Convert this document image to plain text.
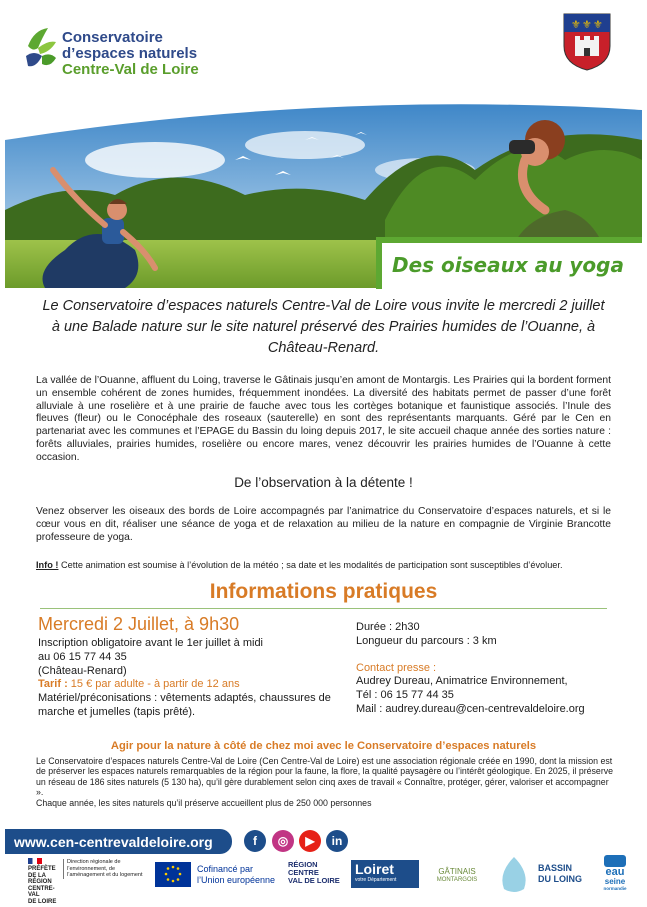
Conservatoire
d’espaces naturels
Centre-Val de Loire
⚜ ⚜ ⚜
Des oiseaux au yoga
Le Conservatoire d’espaces naturels Centre-Val de Loire vous invite le mercredi 2 juillet à une Balade nature sur le site naturel préservé des Prairies humides de l’Ouanne, à Château-Renard.
La vallée de l’Ouanne, affluent du Loing, traverse le Gâtinais jusqu’en amont de Montargis. Les Prairies qui la bordent forment un ensemble cohérent de zones humides, fréquemment inondées. La diversité des habitats permet de passer d’une forêt alluviale à une roselière et à une prairie de fauche avec tous les cortèges botanique et faunistique associés. l’Inule des fleuves (fleur) ou le Conocéphale des roseaux (sauterelle) en sont des représentants marquants. Géré par le Cen en partenariat avec les communes et l’EPAGE du Bassin du loing depuis 2017, le site accueil chaque année des sorties nature : forêts alluviales, prairies humides, roselière ou encore mares, venez découvrir les prairies humides de l’Ouanne à cette occasion.
De l’observation à la détente !
Venez observer les oiseaux des bords de Loire accompagnés par l’animatrice du Conservatoire d’espaces naturels, et si le cœur vous en dit, réaliser une séance de yoga et de relaxation au milieu de la nature en compagnie de Virginie Brancotte professeure de yoga.
Info ! Cette animation est soumise à l’évolution de la météo ; sa date et les modalités de participation sont susceptibles d’évoluer.
Informations pratiques
Mercredi 2 Juillet, à 9h30
Inscription obligatoire avant le 1er juillet à midi
au 06 15 77 44 35
(Château-Renard)
Tarif : 15 € par adulte - à partir de 12 ans
Matériel/préconisations : vêtements adaptés, chaussures de marche et jumelles (tapis prêté).
Durée : 2h30
Longueur du parcours : 3 km
Contact presse :
Audrey Dureau, Animatrice Environnement,
Tél : 06 15 77 44 35
Mail : audrey.dureau@cen-centrevaldeloire.org
Agir pour la nature à côté de chez moi avec le Conservatoire d’espaces naturels
Le Conservatoire d’espaces naturels Centre-Val de Loire (Cen Centre-Val de Loire) est une association régionale créée en 1990, dont la mission est de préserver les espaces naturels remarquables de la région pour la faune, la flore, la qualité paysagère ou l’intérêt géologique. En 2025, il préserve un réseau de 186 sites naturels (5 130 ha), qu’il gère durablement selon cinq axes de travail « Connaître, protéger, gérer, valoriser et accompagner ».
Chaque année, les sites naturels qu’il préserve accueillent plus de 250 000 personnes
www.cen-centrevaldeloire.org	f	◎	▶	in
PRÉFÈTE
DE LA RÉGION
CENTRE-VAL
DE LOIRE
Direction régionale de l’environnement, de l’aménagement et du logement
Cofinancé par
l’Union européenne
RÉGION
CENTRE
VAL DE LOIRE
Loiret
votre Département
GÂTINAIS
MONTARGOIS
BASSIN
DU LOING
eau
seine
normandie
